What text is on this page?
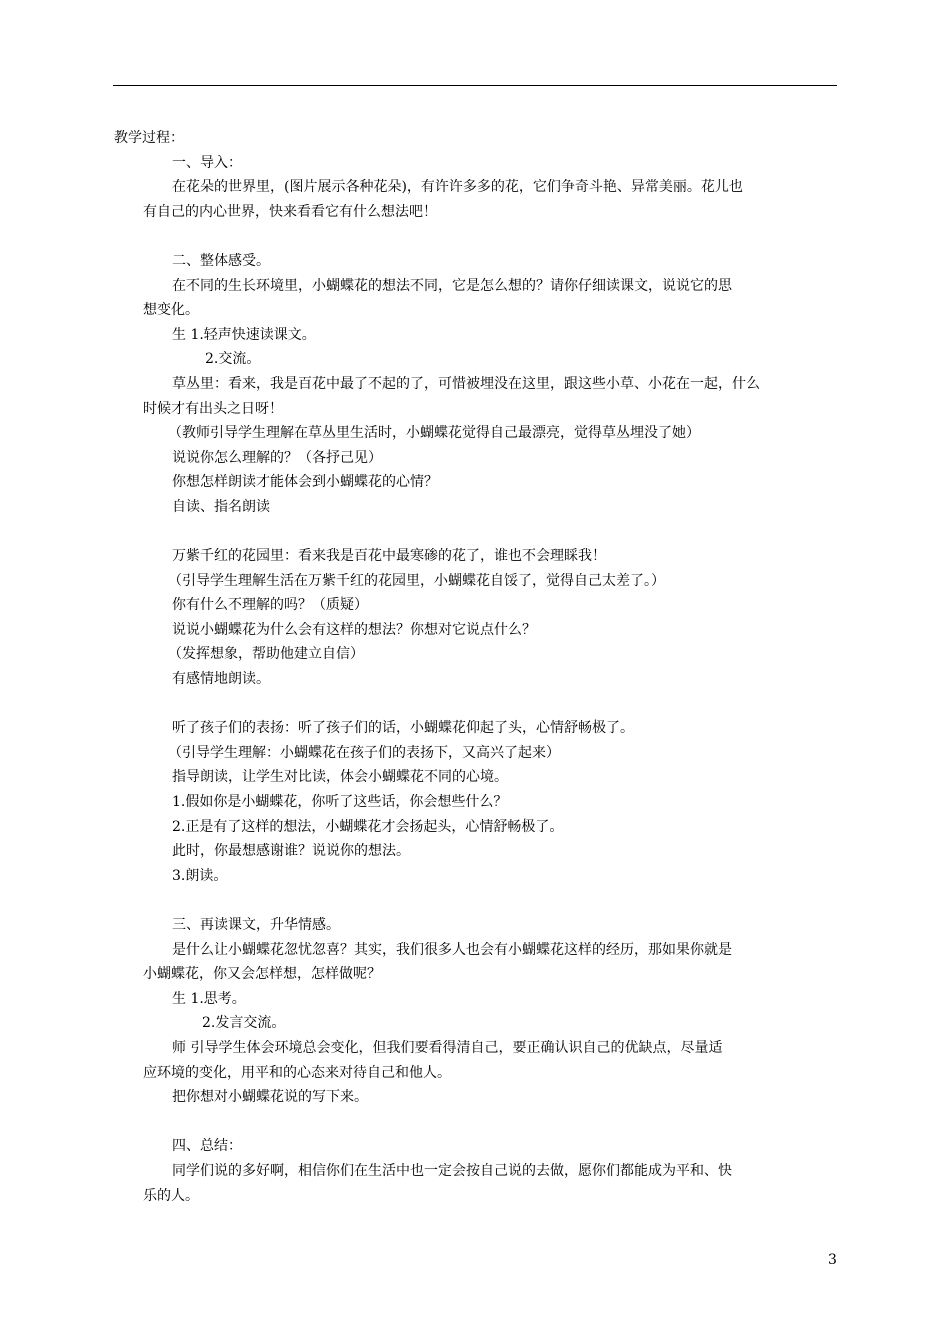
教学过程：
一、导入：
在花朵的世界里，(图片展示各种花朵)，有许许多多的花，它们争奇斗艳、异常美丽。花儿也
有自己的内心世界，快来看看它有什么想法吧！
二、整体感受。
在不同的生长环境里，小蝴蝶花的想法不同，它是怎么想的？请你仔细读课文，说说它的思
想变化。
生 1.轻声快速读课文。
2.交流。
草丛里：看来，我是百花中最了不起的了，可惜被埋没在这里，跟这些小草、小花在一起，什么
时候才有出头之日呀！
（教师引导学生理解在草丛里生活时，小蝴蝶花觉得自己最漂亮，觉得草丛埋没了她）
说说你怎么理解的？（各抒己见）
你想怎样朗读才能体会到小蝴蝶花的心情？
自读、指名朗读
万紫千红的花园里：看来我是百花中最寒碜的花了，谁也不会理睬我！
（引导学生理解生活在万紫千红的花园里，小蝴蝶花自馁了，觉得自己太差了。）
你有什么不理解的吗？（质疑）
说说小蝴蝶花为什么会有这样的想法？你想对它说点什么？
（发挥想象，帮助他建立自信）
有感情地朗读。
听了孩子们的表扬：听了孩子们的话，小蝴蝶花仰起了头，心情舒畅极了。
（引导学生理解：小蝴蝶花在孩子们的表扬下，又高兴了起来）
指导朗读，让学生对比读，体会小蝴蝶花不同的心境。
1.假如你是小蝴蝶花，你听了这些话，你会想些什么？
2.正是有了这样的想法，小蝴蝶花才会扬起头，心情舒畅极了。
此时，你最想感谢谁？说说你的想法。
3.朗读。
三、再读课文，升华情感。
是什么让小蝴蝶花忽忧忽喜？其实，我们很多人也会有小蝴蝶花这样的经历，那如果你就是
小蝴蝶花，你又会怎样想，怎样做呢？
生 1.思考。
2.发言交流。
师 引导学生体会环境总会变化，但我们要看得清自己，要正确认识自己的优缺点，尽量适
应环境的变化，用平和的心态来对待自己和他人。
把你想对小蝴蝶花说的写下来。
四、总结：
同学们说的多好啊，相信你们在生活中也一定会按自己说的去做，愿你们都能成为平和、快
乐的人。
3
